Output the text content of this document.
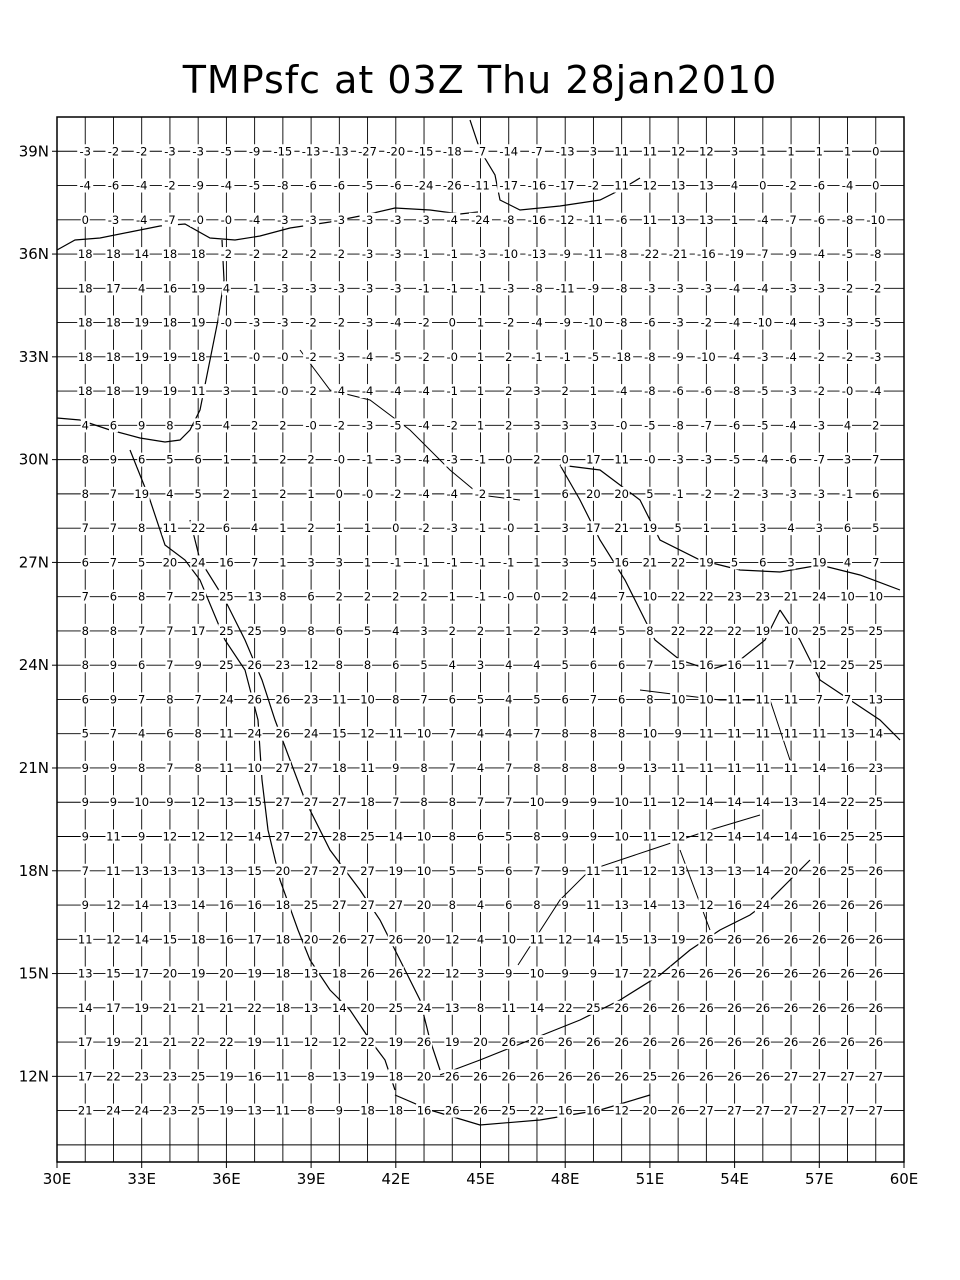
TMPsfc at 03Z Thu 28jan2010
30E	33E	36E	39E	42E	45E	48E	51E	54E	57E	60E
39N
36N
33N
30N
27N
24N
21N
18N
15N
12N
-3 -2 -2 -3 -3 -5 -9 -15 -13 -13 -27 -20 -15 -18 -7 -14 -7 -13 3 11 11 12 12 3 1 1 1 1 0
-4 -6 -4 -2 -9 -4 -5 -8 -6 -6 -5 -6 -24 -26 -11 -17 -16 -17 -2 11 12 13 13 4 0 -2 -6 -4 0
0 -3 -4 -7 -0 -0 -4 -3 -3 -3 -3 -3 -3 -4 -24 -8 -16 -12 -11 -6 11 13 13 1 -4 -7 -6 -8 -10
18 18 14 18 18 -2 -2 -2 -2 -2 -3 -3 -1 -1 -3 -10 -13 -9 -11 -8 -22 -21 -16 -19 -7 -9 -4 -5 -8
18 17 4 16 19 4 -1 -3 -3 -3 -3 -3 -1 -1 -1 -3 -8 -11 -9 -8 -3 -3 -3 -4 -4 -3 -3 -2 -2
18 18 19 18 19 -0 -3 -3 -2 -2 -3 -4 -2 0 1 -2 -4 -9 -10 -8 -6 -3 -2 -4 -10 -4 -3 -3 -5
18 18 19 19 18 1 -0 -0 -2 -3 -4 -5 -2 -0 1 2 -1 -1 -5 -18 -8 -9 -10 -4 -3 -4 -2 -2 -3
18 18 19 19 11 3 1 -0 -2 -4 -4 -4 -4 -1 1 2 3 2 1 -4 -8 -6 -6 -8 -5 -3 -2 -0 -4
4 6 9 8 5 4 2 2 -0 -2 -3 -5 -4 -2 1 2 3 3 3 -0 -5 -8 -7 -6 -5 -4 -3 4 2
8 9 6 5 6 1 1 2 2 -0 -1 -3 -4 -3 -1 0 2 0 17 11 -0 -3 -3 -5 -4 -6 -7 3 7
8 7 19 4 5 2 1 2 1 0 -0 -2 -4 -4 -2 1 1 6 20 20 5 -1 -2 -2 -3 -3 -3 -1 6
7 7 8 11 22 6 4 1 2 1 1 0 -2 -3 -1 -0 1 3 17 21 19 5 1 1 3 4 3 6 5
6 7 5 20 24 16 7 1 3 3 1 -1 -1 -1 -1 -1 1 3 5 16 21 22 19 5 6 3 19 4 7
7 6 8 7 25 25 13 8 6 2 2 2 2 1 -1 -0 0 2 4 7 10 22 22 23 23 21 24 10 10
8 8 7 7 17 25 25 9 8 6 5 4 3 2 2 1 2 3 4 5 8 22 22 22 19 10 25 25 25
8 9 6 7 9 25 26 23 12 8 8 6 5 4 3 4 4 5 6 6 7 15 16 16 11 7 12 25 25
6 9 7 8 7 24 26 26 23 11 10 8 7 6 5 4 5 6 7 6 8 10 10 11 11 11 7 7 13
5 7 4 6 8 11 24 26 24 15 12 11 10 7 4 4 7 8 8 8 10 9 11 11 11 11 11 13 14
9 9 8 7 8 11 10 27 27 18 11 9 8 7 4 7 8 8 8 9 13 11 11 11 11 11 14 16 23
9 9 10 9 12 13 15 27 27 27 18 7 8 8 7 7 10 9 9 10 11 12 14 14 14 13 14 22 25
9 11 9 12 12 12 14 27 27 28 25 14 10 8 6 5 8 9 9 10 11 12 12 14 14 14 16 25 25
7 11 13 13 13 13 15 20 27 27 27 19 10 5 5 6 7 9 11 11 12 13 13 13 14 20 26 25 26
9 12 14 13 14 16 16 18 25 27 27 27 20 8 4 6 8 9 11 13 14 13 12 16 24 26 26 26 26
11 12 14 15 18 16 17 18 20 26 27 26 20 12 4 10 11 12 14 15 13 19 26 26 26 26 26 26 26
13 15 17 20 19 20 19 18 13 18 26 26 22 12 3 9 10 9 9 17 22 26 26 26 26 26 26 26 26
14 17 19 21 21 21 22 18 13 14 20 25 24 13 8 11 14 22 25 26 26 26 26 26 26 26 26 26 26
17 19 21 21 22 22 19 11 12 12 22 19 26 19 20 26 26 26 26 26 26 26 26 26 26 26 26 26 26
17 22 23 23 25 19 16 11 8 13 19 18 20 26 26 26 26 26 26 26 25 26 26 26 26 27 27 27 27
21 24 24 23 25 19 13 11 8 9 18 18 16 26 26 25 22 16 16 12 20 26 27 27 27 27 27 27 27
